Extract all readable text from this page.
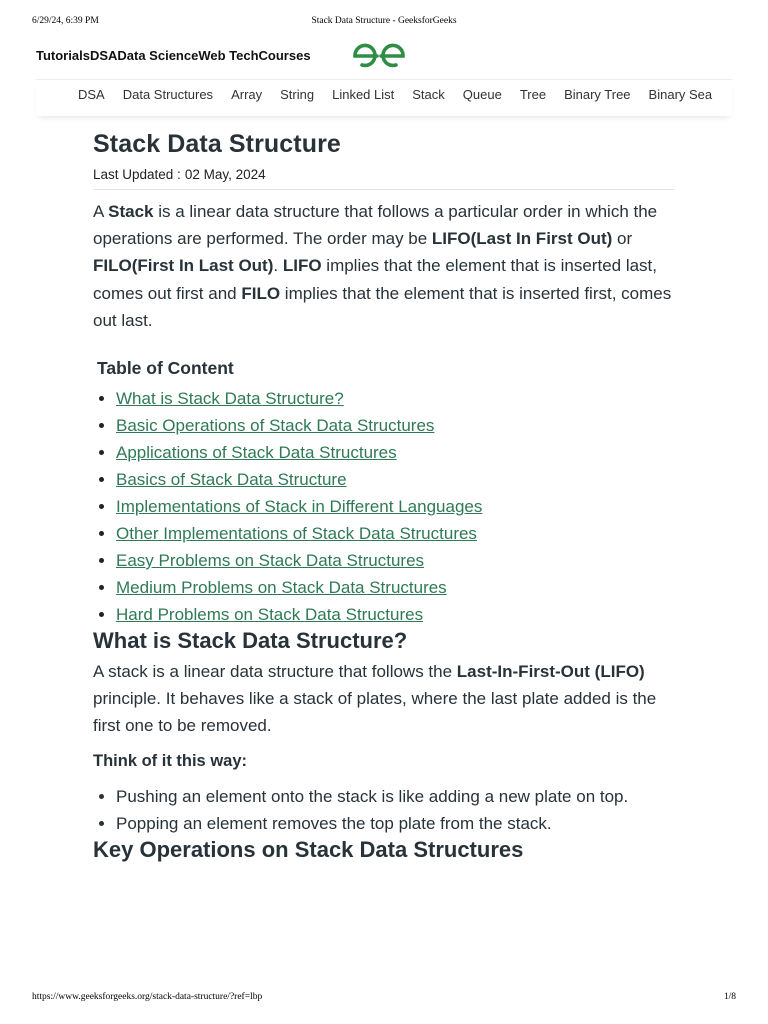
6/29/24, 6:39 PM	Stack Data Structure - GeeksforGeeks
TutorialsDSAData ScienceWeb TechCourses
DSA	Data Structures	Array	String	Linked List	Stack	Queue	Tree	Binary Tree	Binary Sea
Stack Data Structure
Last Updated : 02 May, 2024

A Stack is a linear data structure that follows a particular order in which the operations are performed. The order may be LIFO(Last In First Out) or FILO(First In Last Out). LIFO implies that the element that is inserted last, comes out first and FILO implies that the element that is inserted first, comes out last.

Table of Content
• What is Stack Data Structure?
• Basic Operations of Stack Data Structures
• Applications of Stack Data Structures
• Basics of Stack Data Structure
• Implementations of Stack in Different Languages
• Other Implementations of Stack Data Structures
• Easy Problems on Stack Data Structures
• Medium Problems on Stack Data Structures
• Hard Problems on Stack Data Structures
What is Stack Data Structure?

A stack is a linear data structure that follows the Last-In-First-Out (LIFO) principle. It behaves like a stack of plates, where the last plate added is the first one to be removed.

Think of it this way:
• Pushing an element onto the stack is like adding a new plate on top.
• Popping an element removes the top plate from the stack.
Key Operations on Stack Data Structures
https://www.geeksforgeeks.org/stack-data-structure/?ref=lbp	1/8
